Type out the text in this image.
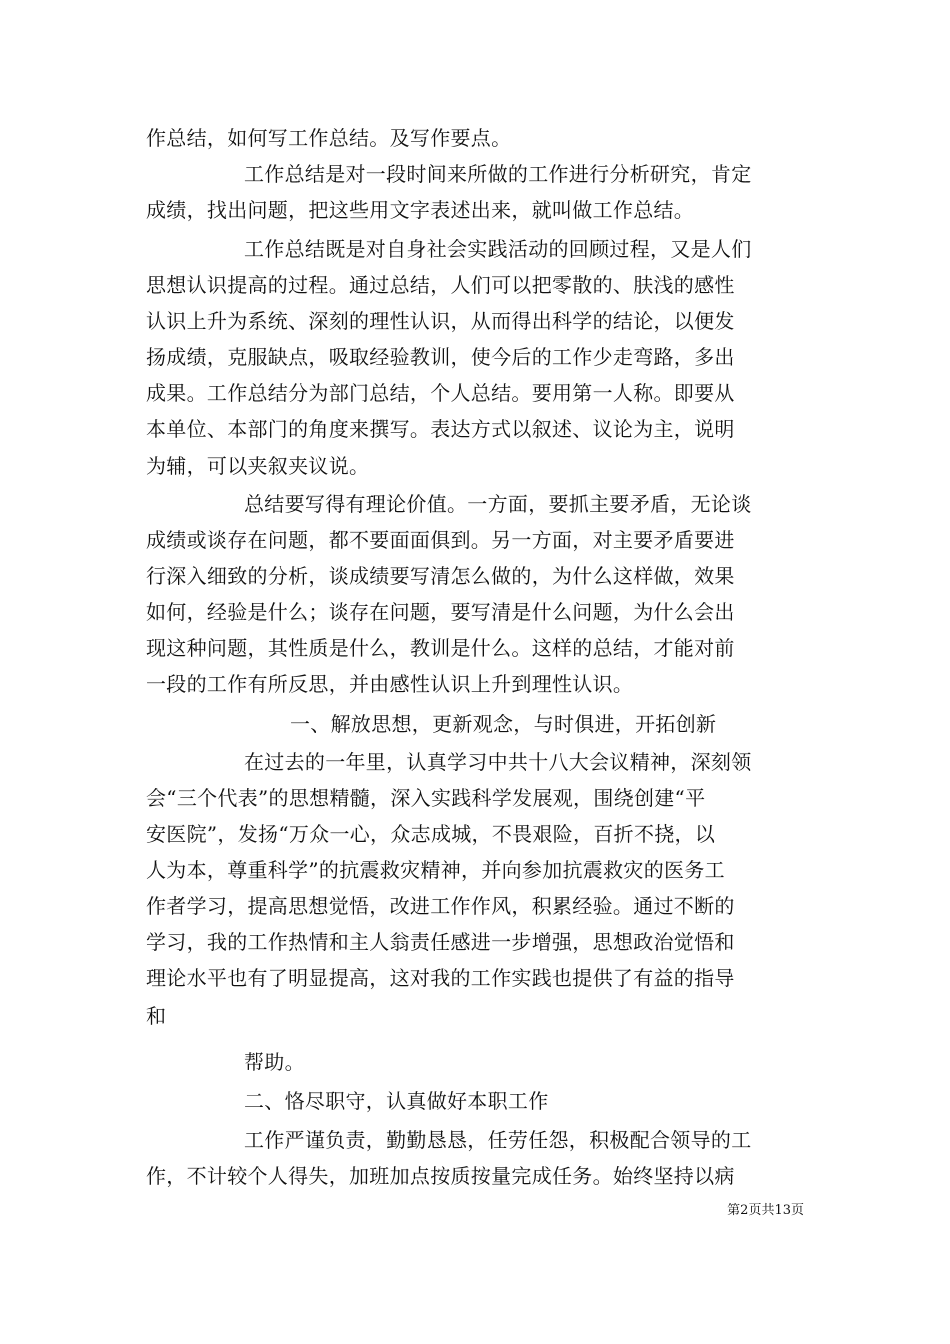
作总结，如何写工作总结。及写作要点。
工作总结是对一段时间来所做的工作进行分析研究，肯定
成绩，找出问题，把这些用文字表述出来，就叫做工作总结。
工作总结既是对自身社会实践活动的回顾过程，又是人们
思想认识提高的过程。通过总结，人们可以把零散的、肤浅的感性
认识上升为系统、深刻的理性认识，从而得出科学的结论，以便发
扬成绩，克服缺点，吸取经验教训，使今后的工作少走弯路，多出
成果。工作总结分为部门总结，个人总结。要用第一人称。即要从
本单位、本部门的角度来撰写。表达方式以叙述、议论为主，说明
为辅，可以夹叙夹议说。
总结要写得有理论价值。一方面，要抓主要矛盾，无论谈
成绩或谈存在问题，都不要面面俱到。另一方面，对主要矛盾要进
行深入细致的分析，谈成绩要写清怎么做的，为什么这样做，效果
如何，经验是什么；谈存在问题，要写清是什么问题，为什么会出
现这种问题，其性质是什么，教训是什么。这样的总结，才能对前
一段的工作有所反思，并由感性认识上升到理性认识。
一、解放思想，更新观念，与时俱进，开拓创新
在过去的一年里，认真学习中共十八大会议精神，深刻领
会“三个代表”的思想精髓，深入实践科学发展观，围绕创建“平
安医院”，发扬“万众一心，众志成城，不畏艰险，百折不挠，以
人为本，尊重科学”的抗震救灾精神，并向参加抗震救灾的医务工
作者学习，提高思想觉悟，改进工作作风，积累经验。通过不断的
学习，我的工作热情和主人翁责任感进一步增强，思想政治觉悟和
理论水平也有了明显提高，这对我的工作实践也提供了有益的指导
和
帮助。
二、恪尽职守，认真做好本职工作
工作严谨负责，勤勤恳恳，任劳任怨，积极配合领导的工
作，不计较个人得失，加班加点按质按量完成任务。始终坚持以病
第2页共13页
